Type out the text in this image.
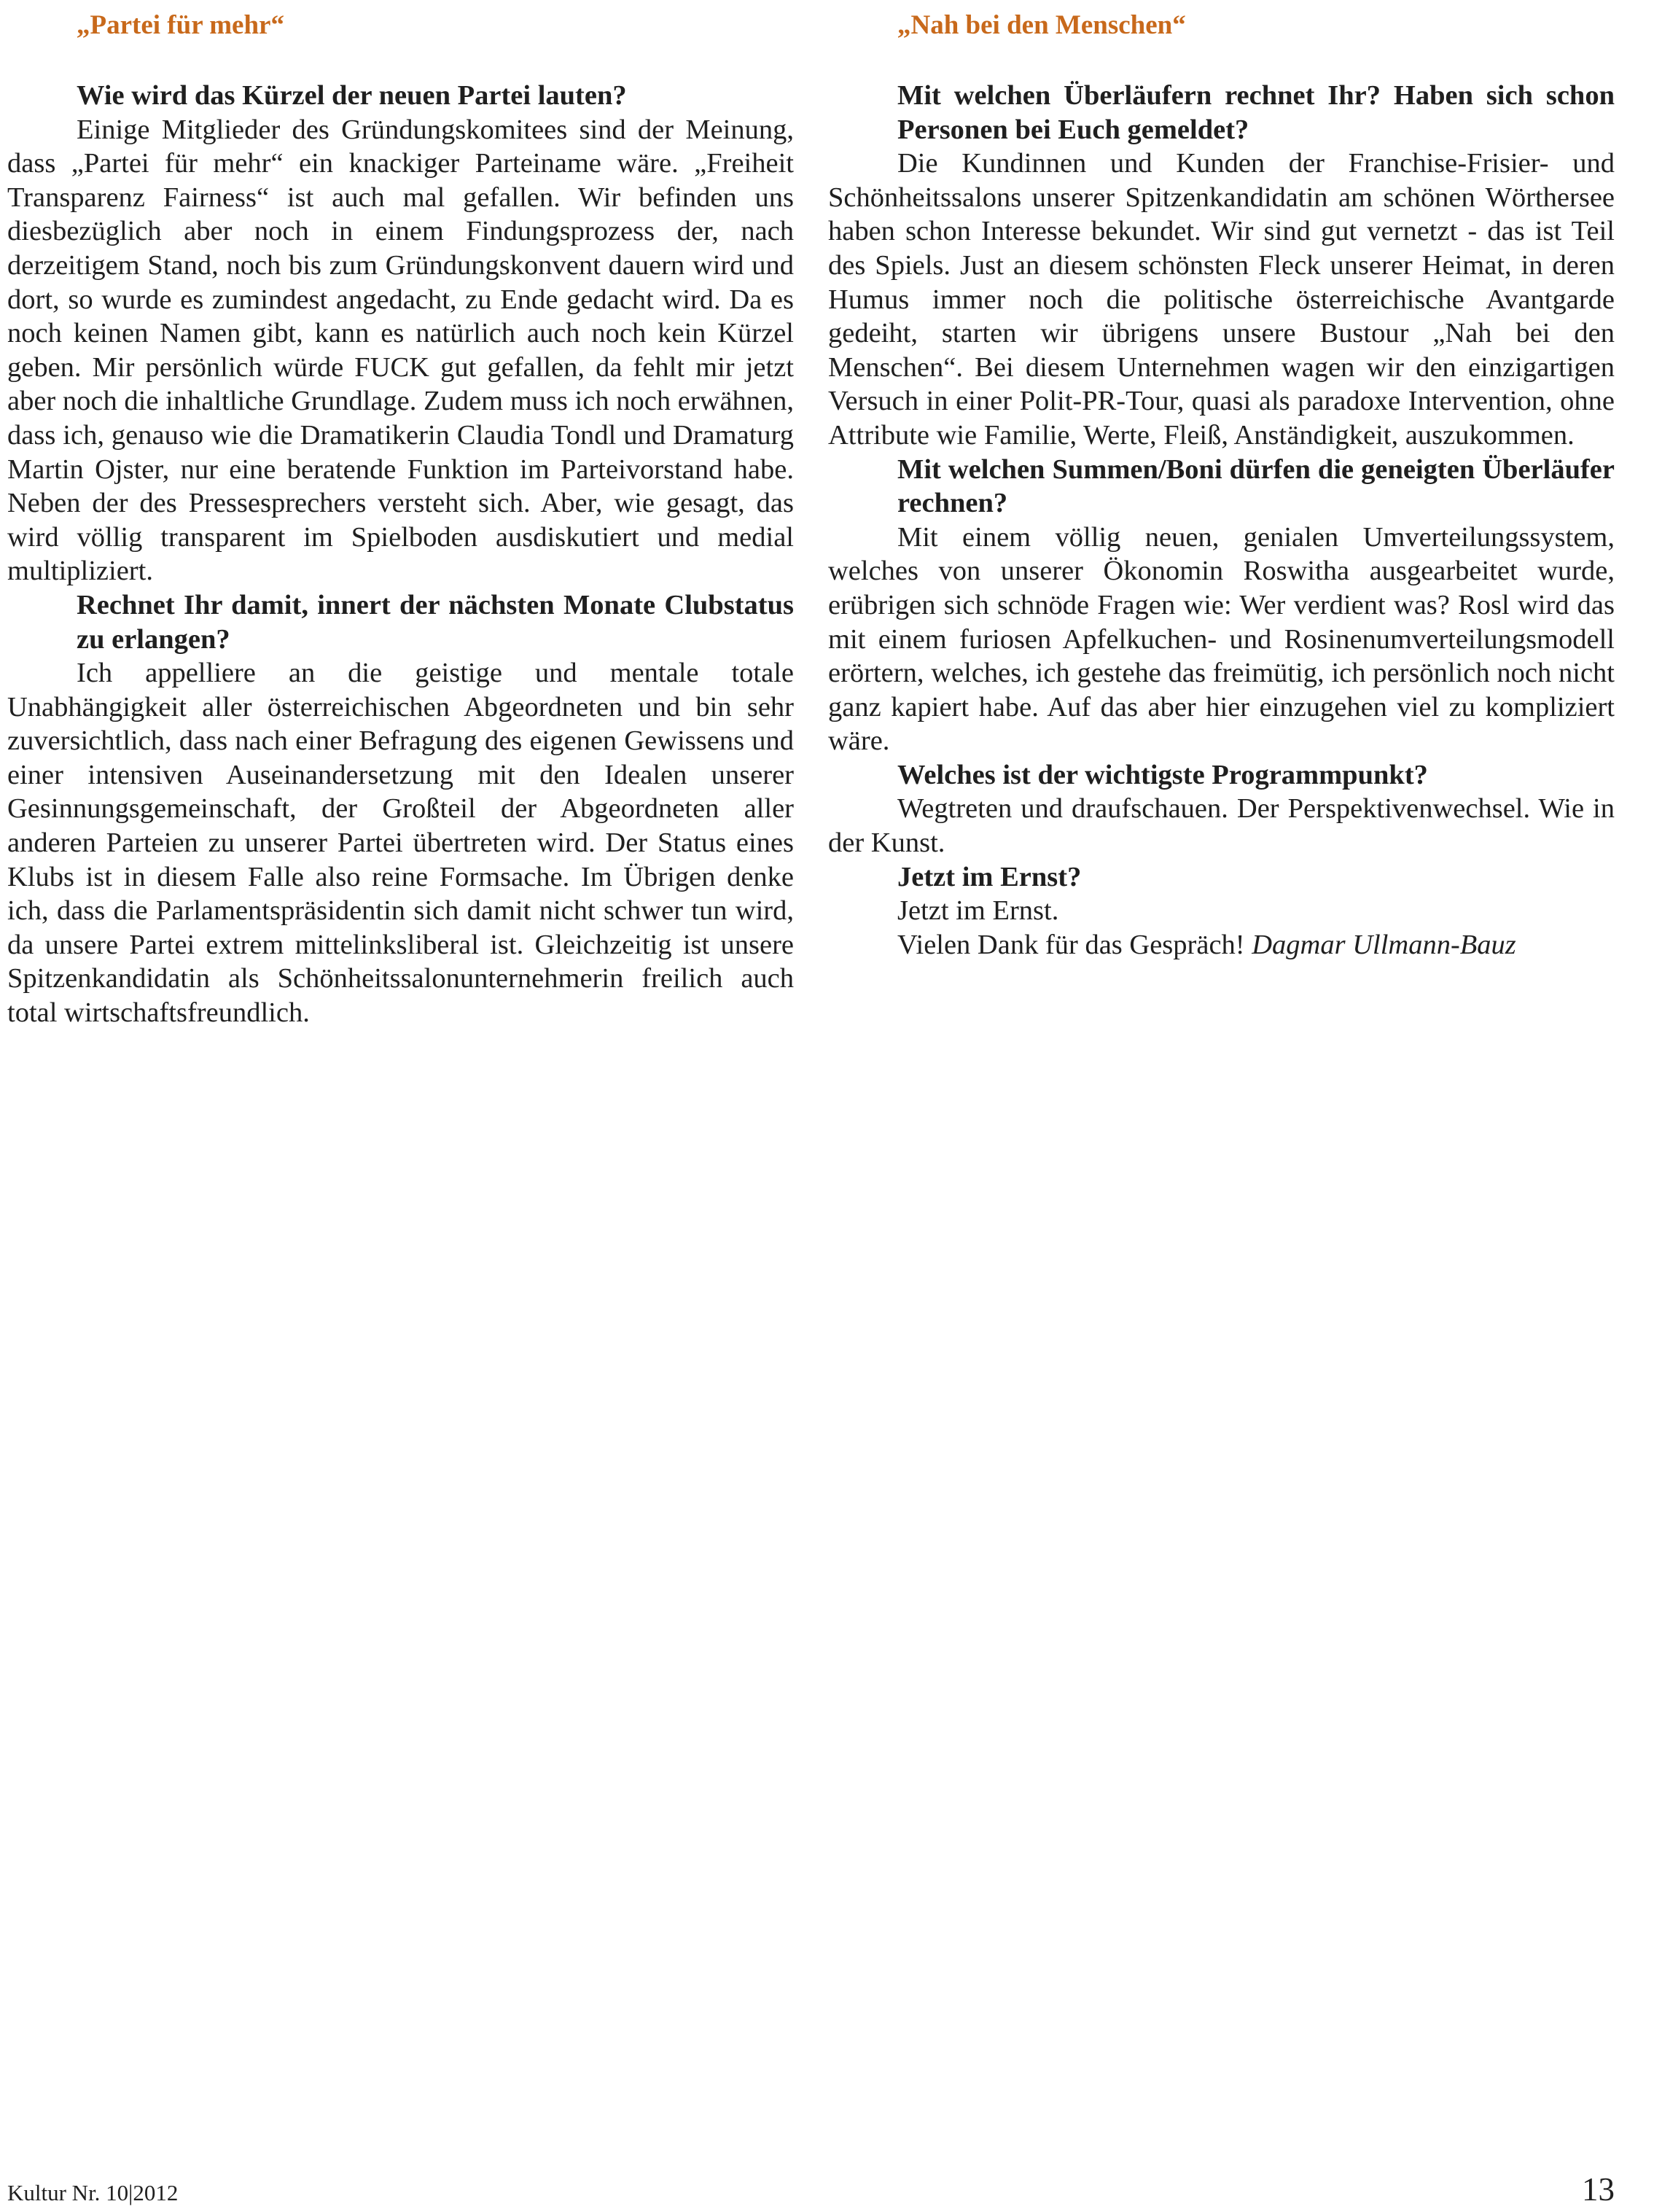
„Partei für mehr“

Wie wird das Kürzel der neuen Partei lauten?

Einige Mitglieder des Gründungskomitees sind der Meinung, dass „Partei für mehr“ ein knackiger Parteiname wäre. „Freiheit Transparenz Fairness“ ist auch mal gefallen. Wir befinden uns diesbezüglich aber noch in einem Findungsprozess der, nach derzeitigem Stand, noch bis zum Gründungskonvent dauern wird und dort, so wurde es zumindest angedacht, zu Ende gedacht wird. Da es noch keinen Namen gibt, kann es natürlich auch noch kein Kürzel geben. Mir persönlich würde FUCK gut gefallen, da fehlt mir jetzt aber noch die inhaltliche Grundlage. Zudem muss ich noch erwähnen, dass ich, genauso wie die Dramatikerin Claudia Tondl und Dramaturg Martin Ojster, nur eine beratende Funktion im Parteivorstand habe. Neben der des Pressesprechers versteht sich. Aber, wie gesagt, das wird völlig transparent im Spielboden ausdiskutiert und medial multipliziert.

Rechnet Ihr damit, innert der nächsten Monate Clubstatus zu erlangen?

Ich appelliere an die geistige und mentale totale Unabhängigkeit aller österreichischen Abgeordneten und bin sehr zuversichtlich, dass nach einer Befragung des eigenen Gewissens und einer intensiven Auseinandersetzung mit den Idealen unserer Gesinnungsgemeinschaft, der Großteil der Abgeordneten aller anderen Parteien zu unserer Partei übertreten wird. Der Status eines Klubs ist in diesem Falle also reine Formsache. Im Übrigen denke ich, dass die Parlamentspräsidentin sich damit nicht schwer tun wird, da unsere Partei extrem mittelinksliberal ist. Gleichzeitig ist unsere Spitzenkandidatin als Schönheitssalonunternehmerin freilich auch total wirtschaftsfreundlich.

„Nah bei den Menschen“

Mit welchen Überläufern rechnet Ihr? Haben sich schon Personen bei Euch gemeldet?

Die Kundinnen und Kunden der Franchise-Frisier- und Schönheitssalons unserer Spitzenkandidatin am schönen Wörthersee haben schon Interesse bekundet. Wir sind gut vernetzt - das ist Teil des Spiels. Just an diesem schönsten Fleck unserer Heimat, in deren Humus immer noch die politische österreichische Avantgarde gedeiht, starten wir übrigens unsere Bustour „Nah bei den Menschen“. Bei diesem Unternehmen wagen wir den einzigartigen Versuch in einer Polit-PR-Tour, quasi als paradoxe Intervention, ohne Attribute wie Familie, Werte, Fleiß, Anständigkeit, auszukommen.

Mit welchen Summen/Boni dürfen die geneigten Überläufer rechnen?

Mit einem völlig neuen, genialen Umverteilungssystem, welches von unserer Ökonomin Roswitha ausgearbeitet wurde, erübrigen sich schnöde Fragen wie: Wer verdient was? Rosl wird das mit einem furiosen Apfelkuchen- und Rosinenumverteilungsmodell erörtern, welches, ich gestehe das freimütig, ich persönlich noch nicht ganz kapiert habe. Auf das aber hier einzugehen viel zu kompliziert wäre.

Welches ist der wichtigste Programmpunkt?

Wegtreten und draufschauen. Der Perspektivenwechsel. Wie in der Kunst.

Jetzt im Ernst?

Jetzt im Ernst.

Vielen Dank für das Gespräch! Dagmar Ullmann-Bauz

Kultur Nr. 10|2012	13
